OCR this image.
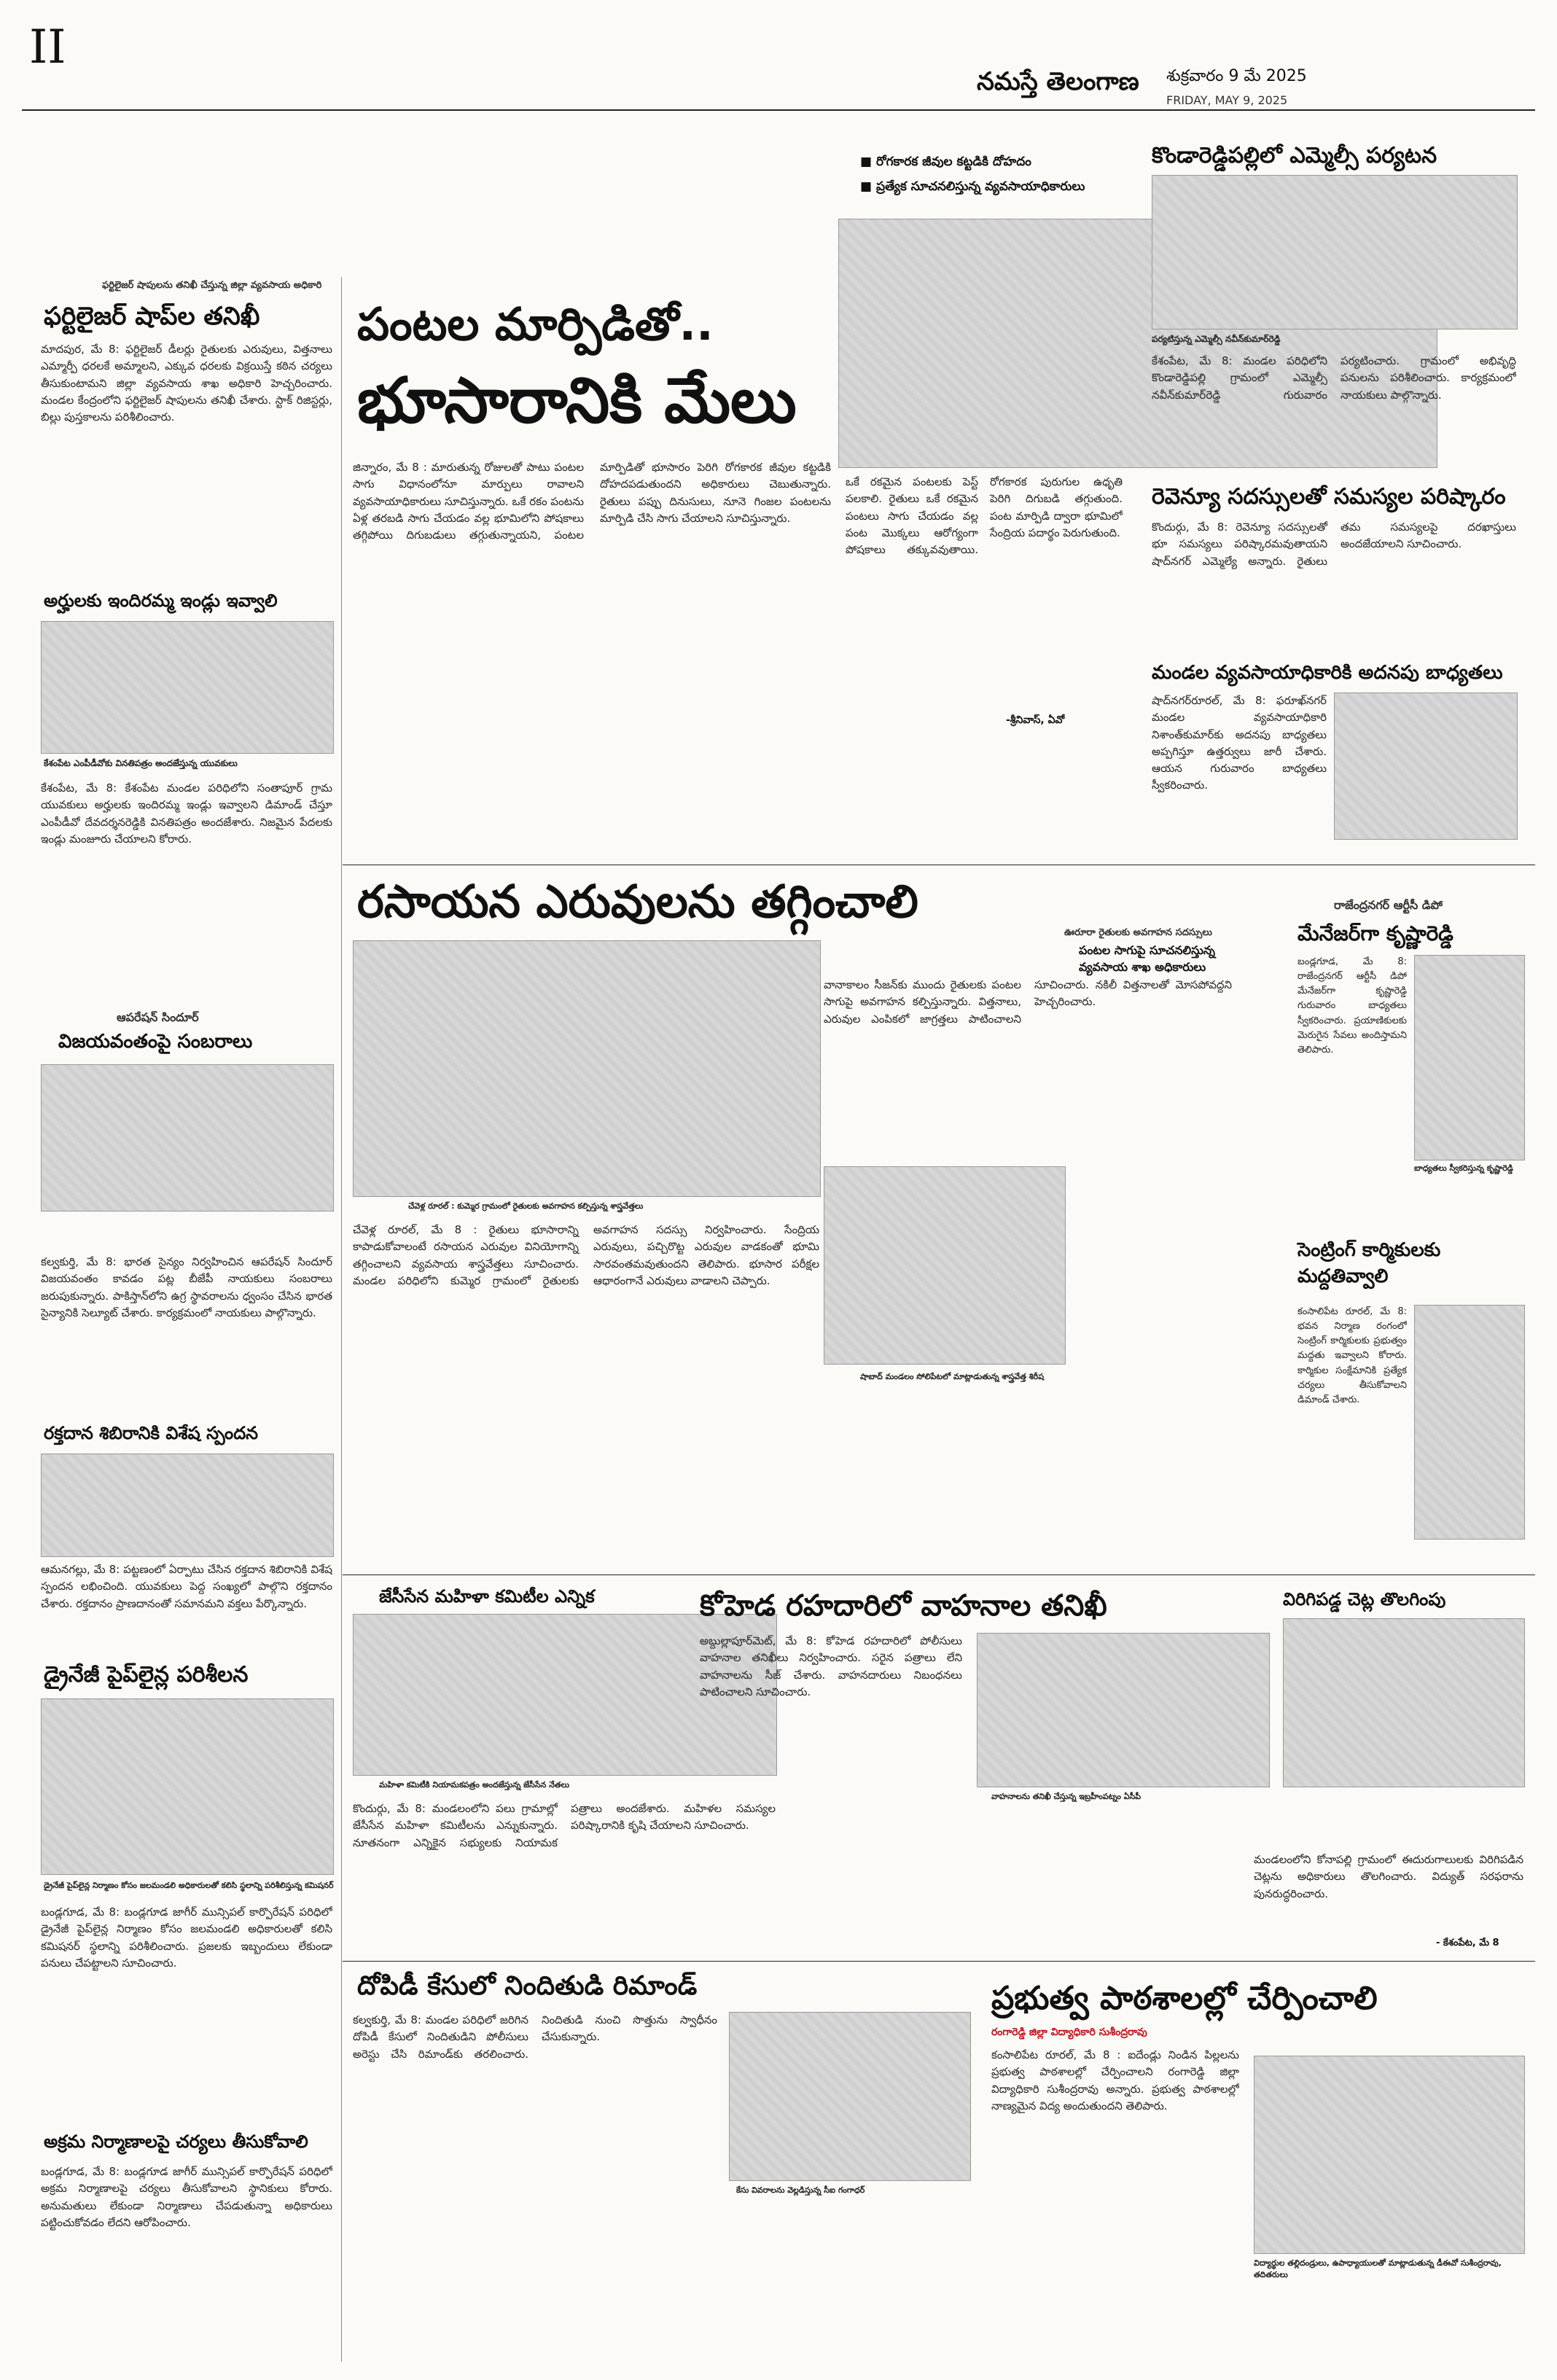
II
నమస్తే తెలంగాణ శుక్రవారం 9 మే 2025
FRIDAY, MAY 9, 2025
■ రోగకారక జీవుల కట్టడికి దోహదం
■ ప్రత్యేక సూచనలిస్తున్న వ్యవసాయాధికారులు
ఫర్టిలైజర్ షాపులను తనిఖీ చేస్తున్న జిల్లా వ్యవసాయ అధికారి
ఫర్టిలైజర్ షాప్‌ల తనిఖీ
మాదపుర, మే 8: ఫర్టిలైజర్ డీలర్లు రైతులకు ఎరువులు, విత్తనాలు ఎమ్మార్పీ ధరలకే అమ్మాలని, ఎక్కువ ధరలకు విక్రయిస్తే కఠిన చర్యలు తీసుకుంటామని జిల్లా వ్యవసాయ శాఖ అధికారి హెచ్చరించారు. మండల కేంద్రంలోని ఫర్టిలైజర్ షాపులను తనిఖీ చేశారు. స్టాక్ రిజిస్టర్లు, బిల్లు పుస్తకాలను పరిశీలించారు.
అర్హులకు ఇందిరమ్మ ఇండ్లు ఇవ్వాలి
కేశంపేట ఎంపీడీవోకు వినతిపత్రం అందజేస్తున్న యువకులు
కేశంపేట, మే 8: కేశంపేట మండల పరిధిలోని సంతాపూర్ గ్రామ యువకులు అర్హులకు ఇందిరమ్మ ఇండ్లు ఇవ్వాలని డిమాండ్ చేస్తూ ఎంపీడీవో దేవదర్శనరెడ్డికి వినతిపత్రం అందజేశారు. నిజమైన పేదలకు ఇండ్లు మంజూరు చేయాలని కోరారు.
ఆపరేషన్ సిందూర్
విజయవంతంపై సంబరాలు
కల్వకుర్తి, మే 8: భారత సైన్యం నిర్వహించిన ఆపరేషన్ సిందూర్ విజయవంతం కావడం పట్ల బీజేపీ నాయకులు సంబరాలు జరుపుకున్నారు. పాకిస్తాన్‌లోని ఉగ్ర స్థావరాలను ధ్వంసం చేసిన భారత సైన్యానికి సెల్యూట్ చేశారు. కార్యక్రమంలో నాయకులు పాల్గొన్నారు.
రక్తదాన శిబిరానికి విశేష స్పందన
ఆమనగల్లు, మే 8: పట్టణంలో ఏర్పాటు చేసిన రక్తదాన శిబిరానికి విశేష స్పందన లభించింది. యువకులు పెద్ద సంఖ్యలో పాల్గొని రక్తదానం చేశారు. రక్తదానం ప్రాణదానంతో సమానమని వక్తలు పేర్కొన్నారు.
డ్రైనేజీ పైప్‌లైన్ల పరిశీలన
డ్రైనేజీ పైప్‌లైన్ల నిర్మాణం కోసం జలమండలి అధికారులతో కలిసి స్థలాన్ని పరిశీలిస్తున్న కమిషనర్
బండ్లగూడ, మే 8: బండ్లగూడ జాగీర్ మున్సిపల్ కార్పొరేషన్ పరిధిలో డ్రైనేజీ పైప్‌లైన్ల నిర్మాణం కోసం జలమండలి అధికారులతో కలిసి కమిషనర్ స్థలాన్ని పరిశీలించారు. ప్రజలకు ఇబ్బందులు లేకుండా పనులు చేపట్టాలని సూచించారు.
అక్రమ నిర్మాణాలపై చర్యలు తీసుకోవాలి
బండ్లగూడ, మే 8: బండ్లగూడ జాగీర్ మున్సిపల్ కార్పొరేషన్ పరిధిలో అక్రమ నిర్మాణాలపై చర్యలు తీసుకోవాలని స్థానికులు కోరారు. అనుమతులు లేకుండా నిర్మాణాలు చేపడుతున్నా అధికారులు పట్టించుకోవడం లేదని ఆరోపించారు.
పంటల మార్పిడితో..
భూసారానికి మేలు
జిన్నారం, మే 8 : మారుతున్న రోజులతో పాటు పంటల సాగు విధానంలోనూ మార్పులు రావాలని వ్యవసాయాధికారులు సూచిస్తున్నారు. ఒకే రకం పంటను ఏళ్ల తరబడి సాగు చేయడం వల్ల భూమిలోని పోషకాలు తగ్గిపోయి దిగుబడులు తగ్గుతున్నాయని, పంటల మార్పిడితో భూసారం పెరిగి రోగకారక జీవుల కట్టడికి దోహదపడుతుందని అధికారులు చెబుతున్నారు. రైతులు పప్పు దినుసులు, నూనె గింజల పంటలను మార్పిడి చేసి సాగు చేయాలని సూచిస్తున్నారు.
ఒకే రకమైన పంటలకు పెస్ట్ పలకాలి. రైతులు ఒకే రకమైన పంటలు సాగు చేయడం వల్ల పంట మొక్కలు ఆరోగ్యంగా పోషకాలు తక్కువవుతాయి. రోగకారక పురుగుల ఉధృతి పెరిగి దిగుబడి తగ్గుతుంది. పంట మార్పిడి ద్వారా భూమిలో సేంద్రియ పదార్థం పెరుగుతుంది.
-శ్రీనివాస్, ఏవో
కొండారెడ్డిపల్లిలో ఎమ్మెల్సీ పర్యటన
పర్యటిస్తున్న ఎమ్మెల్సీ నవీన్‌కుమార్‌రెడ్డి
కేశంపేట, మే 8: మండల పరిధిలోని కొండారెడ్డిపల్లి గ్రామంలో ఎమ్మెల్సీ నవీన్‌కుమార్‌రెడ్డి గురువారం పర్యటించారు. గ్రామంలో అభివృద్ధి పనులను పరిశీలించారు. కార్యక్రమంలో నాయకులు పాల్గొన్నారు.
రెవెన్యూ సదస్సులతో సమస్యల పరిష్కారం
కొందుర్గు, మే 8: రెవెన్యూ సదస్సులతో భూ సమస్యలు పరిష్కారమవుతాయని షాద్‌నగర్ ఎమ్మెల్యే అన్నారు. రైతులు తమ సమస్యలపై దరఖాస్తులు అందజేయాలని సూచించారు.
మండల వ్యవసాయాధికారికి అదనపు బాధ్యతలు
షాద్‌నగర్‌రూరల్, మే 8: ఫరూఖ్‌నగర్ మండల వ్యవసాయాధికారి నిశాంత్‌కుమార్‌కు అదనపు బాధ్యతలు అప్పగిస్తూ ఉత్తర్వులు జారీ చేశారు. ఆయన గురువారం బాధ్యతలు స్వీకరించారు.
రసాయన ఎరువులను తగ్గించాలి
చేవెళ్ల రూరల్ : కుమ్మెర గ్రామంలో రైతులకు అవగాహన కల్పిస్తున్న శాస్త్రవేత్తలు
చేవెళ్ల రూరల్, మే 8 : రైతులు భూసారాన్ని కాపాడుకోవాలంటే రసాయన ఎరువుల వినియోగాన్ని తగ్గించాలని వ్యవసాయ శాస్త్రవేత్తలు సూచించారు. మండల పరిధిలోని కుమ్మెర గ్రామంలో రైతులకు అవగాహన సదస్సు నిర్వహించారు. సేంద్రియ ఎరువులు, పచ్చిరొట్ట ఎరువుల వాడకంతో భూమి సారవంతమవుతుందని తెలిపారు. భూసార పరీక్షల ఆధారంగానే ఎరువులు వాడాలని చెప్పారు.
ఊరూరా రైతులకు అవగాహన సదస్సులు
పంటల సాగుపై సూచనలిస్తున్న వ్యవసాయ శాఖ అధికారులు
వానాకాలం సీజన్‌కు ముందు రైతులకు పంటల సాగుపై అవగాహన కల్పిస్తున్నారు. విత్తనాలు, ఎరువుల ఎంపికలో జాగ్రత్తలు పాటించాలని సూచించారు. నకిలీ విత్తనాలతో మోసపోవద్దని హెచ్చరించారు.
షాబాద్ మండలం సోలిపేటలో మాట్లాడుతున్న శాస్త్రవేత్త శిరీష
రాజేంద్రనగర్ ఆర్టీసీ డిపో
మేనేజర్‌గా కృష్ణారెడ్డి
బండ్లగూడ, మే 8: రాజేంద్రనగర్ ఆర్టీసీ డిపో మేనేజర్‌గా కృష్ణారెడ్డి గురువారం బాధ్యతలు స్వీకరించారు. ప్రయాణికులకు మెరుగైన సేవలు అందిస్తామని తెలిపారు.
బాధ్యతలు స్వీకరిస్తున్న కృష్ణారెడ్డి
సెంట్రింగ్ కార్మికులకు మద్దతివ్వాలి
కంసాలిపేట రూరల్, మే 8: భవన నిర్మాణ రంగంలో సెంట్రింగ్ కార్మికులకు ప్రభుత్వం మద్దతు ఇవ్వాలని కోరారు. కార్మికుల సంక్షేమానికి ప్రత్యేక చర్యలు తీసుకోవాలని డిమాండ్ చేశారు.
జేసీసేన మహిళా కమిటీల ఎన్నిక
మహిళా కమిటీకి నియామకపత్రం అందజేస్తున్న జేసీసేన నేతలు
కొందుర్గు, మే 8: మండలంలోని పలు గ్రామాల్లో జేసీసేన మహిళా కమిటీలను ఎన్నుకున్నారు. నూతనంగా ఎన్నికైన సభ్యులకు నియామక పత్రాలు అందజేశారు. మహిళల సమస్యల పరిష్కారానికి కృషి చేయాలని సూచించారు.
కోహెడ రహదారిలో వాహనాల తనిఖీ
అబ్దుల్లాపూర్‌మెట్, మే 8: కోహెడ రహదారిలో పోలీసులు వాహనాల తనిఖీలు నిర్వహించారు. సరైన పత్రాలు లేని వాహనాలను సీజ్ చేశారు. వాహనదారులు నిబంధనలు పాటించాలని సూచించారు.
వాహనాలను తనిఖీ చేస్తున్న ఇబ్రహీంపట్నం ఏసీపీ
విరిగిపడ్డ చెట్ల తొలగింపు
మండలంలోని కోనాపల్లి గ్రామంలో ఈదురుగాలులకు విరిగిపడిన చెట్లను అధికారులు తొలగించారు. విద్యుత్ సరఫరాను పునరుద్ధరించారు.
- కేశంపేట, మే 8
దోపిడీ కేసులో నిందితుడి రిమాండ్
కల్వకుర్తి, మే 8: మండల పరిధిలో జరిగిన దోపిడీ కేసులో నిందితుడిని పోలీసులు అరెస్టు చేసి రిమాండ్‌కు తరలించారు. నిందితుడి నుంచి సొత్తును స్వాధీనం చేసుకున్నారు.
కేసు వివరాలను వెల్లడిస్తున్న సీఐ గంగాధర్
ప్రభుత్వ పాఠశాలల్లో చేర్పించాలి
రంగారెడ్డి జిల్లా విద్యాధికారి సుశీంద్రరావు
కంసాలిపేట రూరల్, మే 8 : ఐదేండ్లు నిండిన పిల్లలను ప్రభుత్వ పాఠశాలల్లో చేర్పించాలని రంగారెడ్డి జిల్లా విద్యాధికారి సుశీంద్రరావు అన్నారు. ప్రభుత్వ పాఠశాలల్లో నాణ్యమైన విద్య అందుతుందని తెలిపారు.
విద్యార్థుల తల్లిదండ్రులు, ఉపాధ్యాయులతో మాట్లాడుతున్న డీఈవో సుశీంద్రరావు, తదితరులు
